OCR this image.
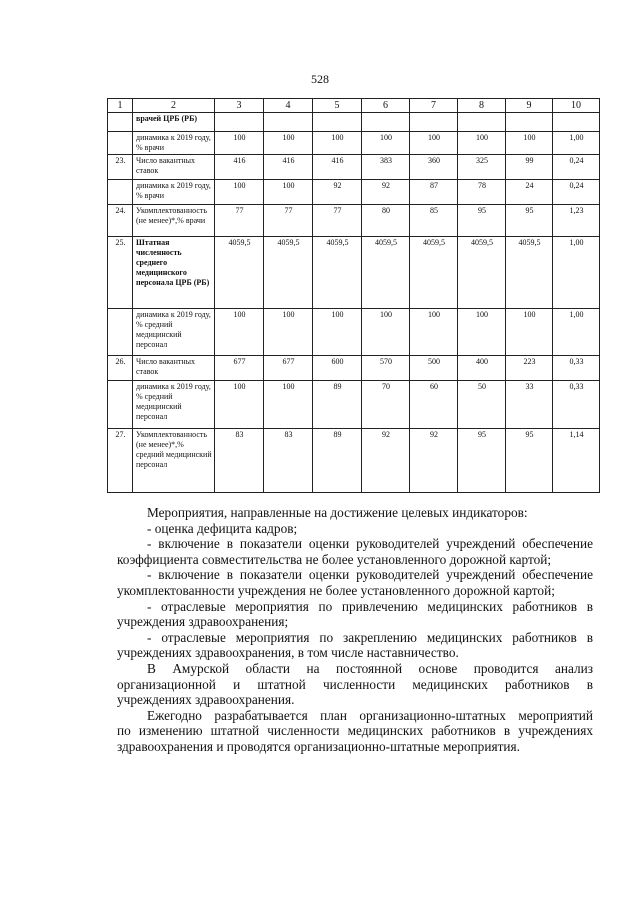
528
1	2	3	4	5	6	7	8	9	10
	врачей ЦРБ (РБ)								
	динамика к 2019 году, % врачи	100	100	100	100	100	100	100	1,00
23.	Число вакантных ставок	416	416	416	383	360	325	99	0,24
	динамика к 2019 году, % врачи	100	100	92	92	87	78	24	0,24
24.	Укомплектованность (не менее)*,% врачи	77	77	77	80	85	95	95	1,23
25.	Штатная численность среднего медицинского персонала ЦРБ (РБ)	4059,5	4059,5	4059,5	4059,5	4059,5	4059,5	4059,5	1,00
	динамика к 2019 году, % средний медицинский персонал	100	100	100	100	100	100	100	1,00
26.	Число вакантных ставок	677	677	600	570	500	400	223	0,33
	динамика к 2019 году, % средний медицинский персонал	100	100	89	70	60	50	33	0,33
27.	Укомплектованность (не менее)*,% средний медицинский персонал	83	83	89	92	92	95	95	1,14

Мероприятия, направленные на достижение целевых индикаторов:

- оценка дефицита кадров;

- включение в показатели оценки руководителей учреждений обеспечение

коэффициента совместительства не более установленного дорожной картой;

- включение в показатели оценки руководителей учреждений обеспечение

укомплектованности учреждения не более установленного дорожной картой;

- отраслевые мероприятия по привлечению медицинских работников в

учреждения здравоохранения;

- отраслевые мероприятия по закреплению медицинских работников в

учреждениях здравоохранения, в том числе наставничество.

В Амурской области на постоянной основе проводится анализ

организационной и штатной численности медицинских работников в

учреждениях здравоохранения.

Ежегодно разрабатывается план организационно-штатных мероприятий

по изменению штатной численности медицинских работников в учреждениях

здравоохранения и проводятся организационно-штатные мероприятия.
